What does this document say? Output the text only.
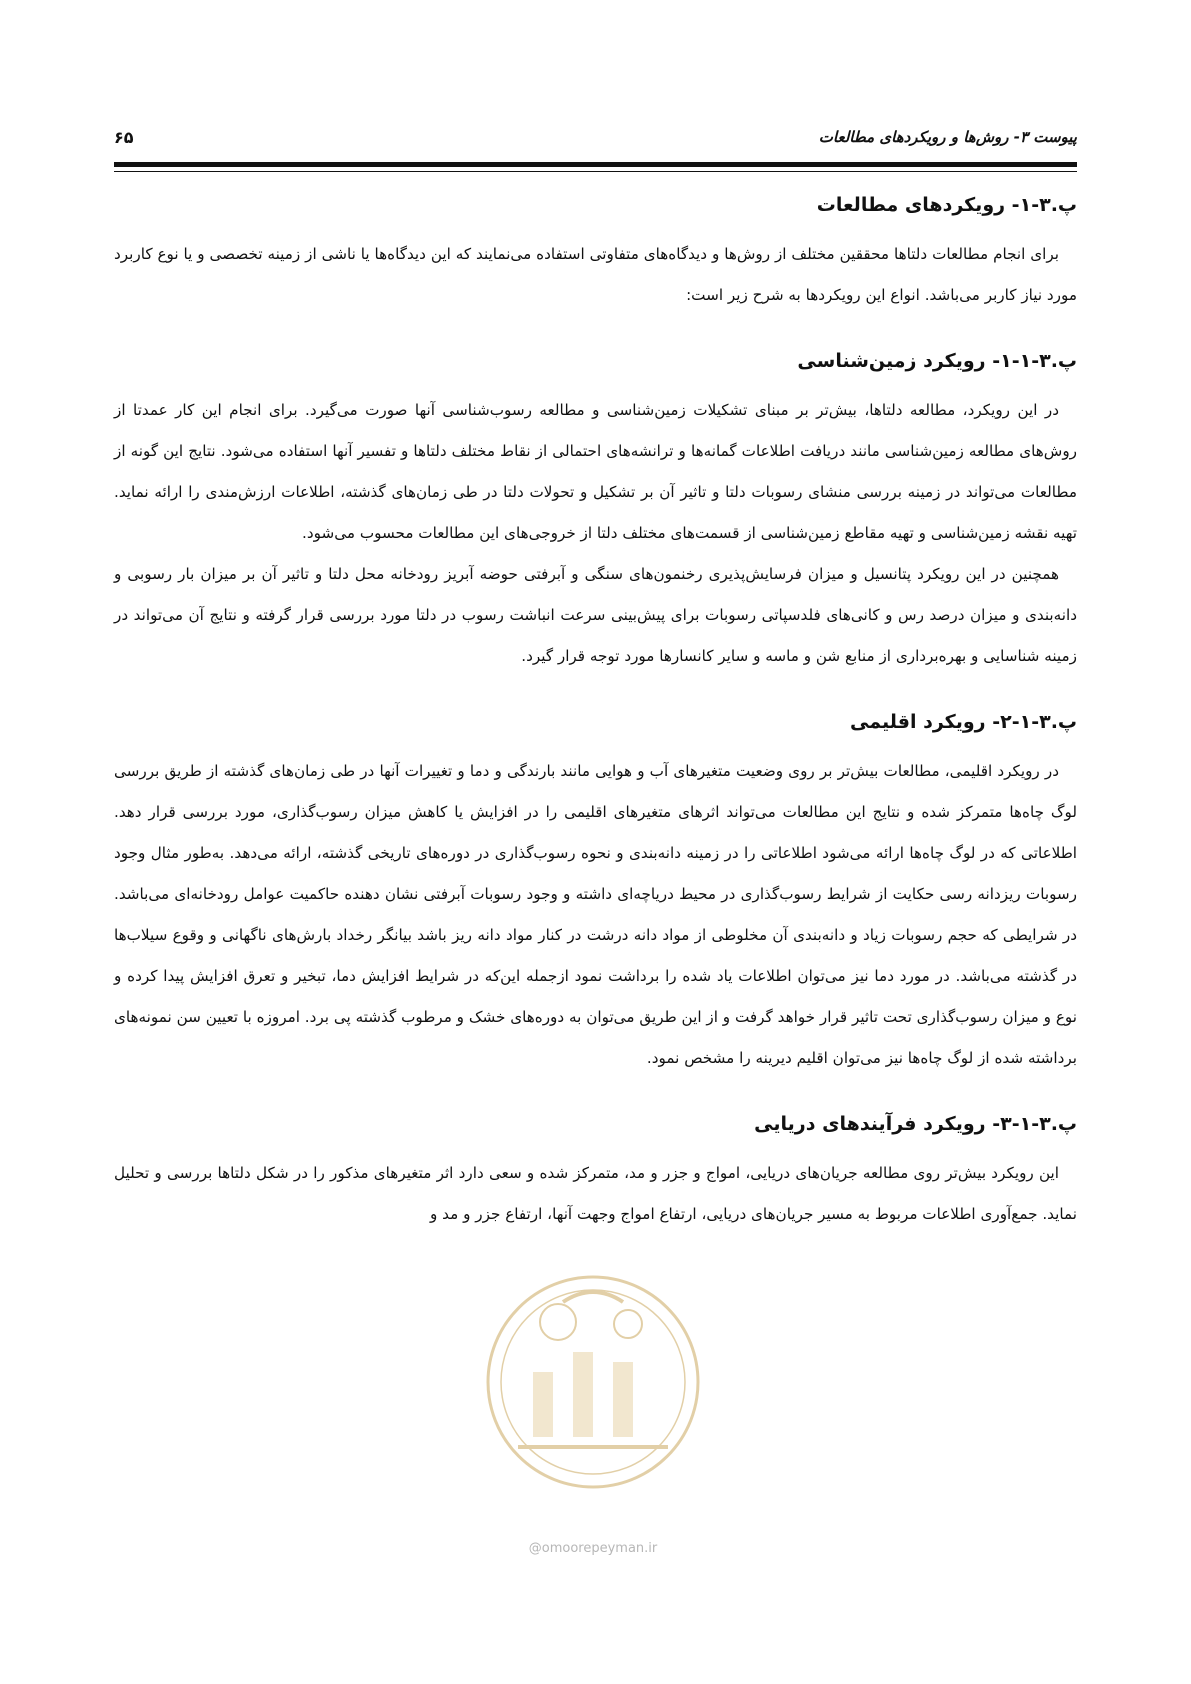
پیوست ۳- روش‌ها و رویکردهای مطالعات
۶۵
پ.۳-۱- رویکردهای مطالعات

برای انجام مطالعات دلتاها محققین مختلف از روش‌ها و دیدگاه‌های متفاوتی استفاده می‌نمایند که این دیدگاه‌ها یا ناشی از زمینه تخصصی و یا نوع کاربرد مورد نیاز کاربر می‌باشد. انواع این رویکردها به شرح زیر است:

پ.۳-۱-۱- رویکرد زمین‌شناسی

در این رویکرد، مطالعه دلتاها، بیش‌تر بر مبنای تشکیلات زمین‌شناسی و مطالعه رسوب‌شناسی آنها صورت می‌گیرد. برای انجام این کار عمدتا از روش‌های مطالعه زمین‌شناسی مانند دریافت اطلاعات گمانه‌ها و ترانشه‌های احتمالی از نقاط مختلف دلتاها و تفسیر آنها استفاده می‌شود. نتایج این گونه از مطالعات می‌تواند در زمینه بررسی منشای رسوبات دلتا و تاثیر آن بر تشکیل و تحولات دلتا در طی زمان‌های گذشته، اطلاعات ارزش‌مندی را ارائه نماید. تهیه نقشه زمین‌شناسی و تهیه مقاطع زمین‌شناسی از قسمت‌های مختلف دلتا از خروجی‌های این مطالعات محسوب می‌شود.

همچنین در این رویکرد پتانسیل و میزان فرسایش‌پذیری رخنمون‌های سنگی و آبرفتی حوضه آبریز رودخانه محل دلتا و تاثیر آن بر میزان بار رسوبی و دانه‌بندی و میزان درصد رس و کانی‌های فلدسپاتی رسوبات برای پیش‌بینی سرعت انباشت رسوب در دلتا مورد بررسی قرار گرفته و نتایج آن می‌تواند در زمینه شناسایی و بهره‌برداری از منابع شن و ماسه و سایر کانسارها مورد توجه قرار گیرد.

پ.۳-۱-۲- رویکرد اقلیمی

در رویکرد اقلیمی، مطالعات بیش‌تر بر روی وضعیت متغیرهای آب و هوایی مانند بارندگی و دما و تغییرات آنها در طی زمان‌های گذشته از طریق بررسی لوگ چاه‌ها متمرکز شده و نتایج این مطالعات می‌تواند اثرهای متغیرهای اقلیمی را در افزایش یا کاهش میزان رسوب‌گذاری، مورد بررسی قرار دهد. اطلاعاتی که در لوگ چاه‌ها ارائه می‌شود اطلاعاتی را در زمینه دانه‌بندی و نحوه رسوب‌گذاری در دوره‌های تاریخی گذشته، ارائه می‌دهد. به‌طور مثال وجود رسوبات ریزدانه رسی حکایت از شرایط رسوب‌گذاری در محیط دریاچه‌ای داشته و وجود رسوبات آبرفتی نشان دهنده حاکمیت عوامل رودخانه‌ای می‌باشد. در شرایطی که حجم رسوبات زیاد و دانه‌بندی آن مخلوطی از مواد دانه درشت در کنار مواد دانه ریز باشد بیانگر رخداد بارش‌های ناگهانی و وقوع سیلاب‌ها در گذشته می‌باشد. در مورد دما نیز می‌توان اطلاعات یاد شده را برداشت نمود ازجمله این‌که در شرایط افزایش دما، تبخیر و تعرق افزایش پیدا کرده و نوع و میزان رسوب‌گذاری تحت تاثیر قرار خواهد گرفت و از این طریق می‌توان به دوره‌های خشک و مرطوب گذشته پی برد. امروزه با تعیین سن نمونه‌های برداشته شده از لوگ چاه‌ها نیز می‌توان اقلیم دیرینه را مشخص نمود.

پ.۳-۱-۳- رویکرد فرآیندهای دریایی

این رویکرد بیش‌تر روی مطالعه جریان‌های دریایی، امواج و جزر و مد، متمرکز شده و سعی دارد اثر متغیرهای مذکور را در شکل دلتاها بررسی و تحلیل نماید. جمع‌آوری اطلاعات مربوط به مسیر جریان‌های دریایی، ارتفاع امواج وجهت آنها، ارتفاع جزر و مد و

@omoorepeyman.ir
